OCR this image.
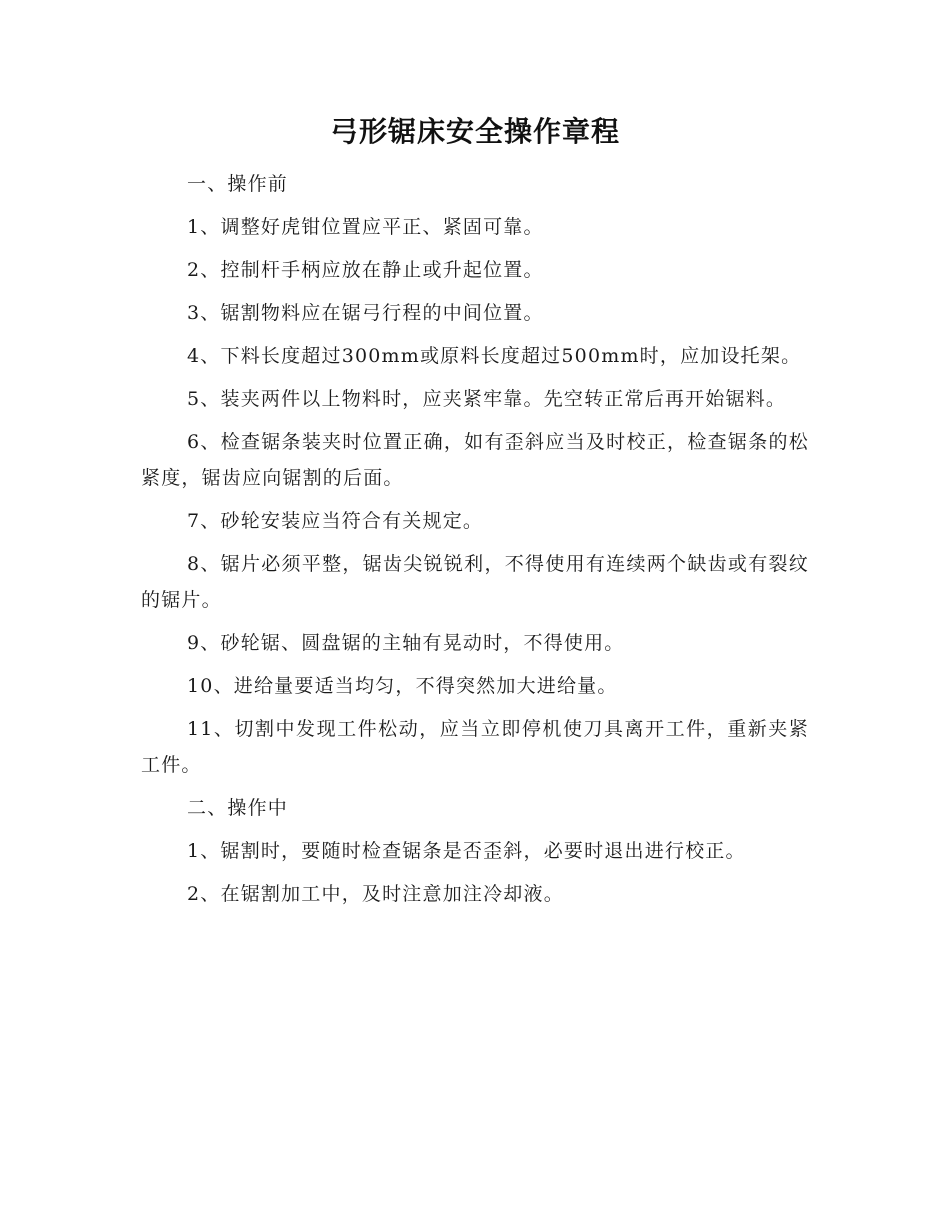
弓形锯床安全操作章程

一、操作前

1、调整好虎钳位置应平正、紧固可靠。

2、控制杆手柄应放在静止或升起位置。

3、锯割物料应在锯弓行程的中间位置。

4、下料长度超过300mm或原料长度超过500mm时，应加设托架。

5、装夹两件以上物料时，应夹紧牢靠。先空转正常后再开始锯料。

6、检查锯条装夹时位置正确，如有歪斜应当及时校正，检查锯条的松紧度，锯齿应向锯割的后面。

7、砂轮安装应当符合有关规定。

8、锯片必须平整，锯齿尖锐锐利，不得使用有连续两个缺齿或有裂纹的锯片。

9、砂轮锯、圆盘锯的主轴有晃动时，不得使用。

10、进给量要适当均匀，不得突然加大进给量。

11、切割中发现工件松动，应当立即停机使刀具离开工件，重新夹紧工件。

二、操作中

1、锯割时，要随时检查锯条是否歪斜，必要时退出进行校正。

2、在锯割加工中，及时注意加注冷却液。
